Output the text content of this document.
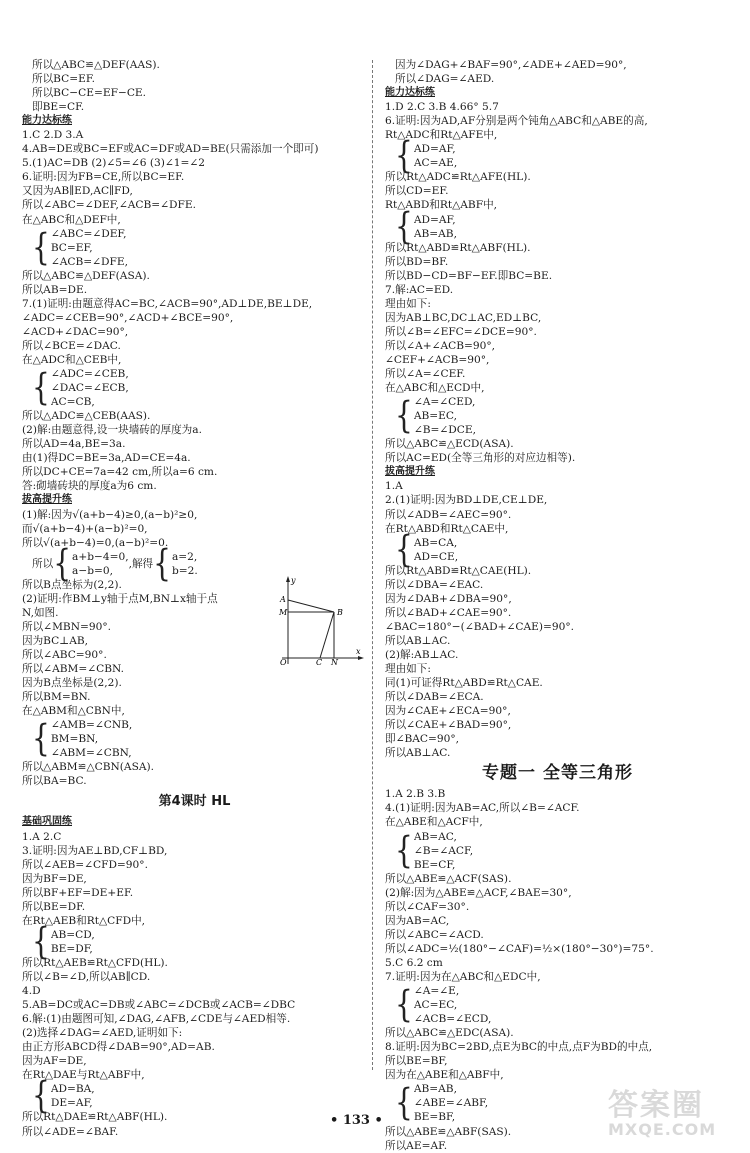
所以△ABC≌△DEF(AAS).
所以BC=EF.
所以BC−CE=EF−CE.
即BE=CF.
能力达标练
1.C 2.D 3.A
4.AB=DE或BC=EF或AC=DF或AD=BE(只需添加一个即可)
5.(1)AC=DB (2)∠5=∠6 (3)∠1=∠2
6.证明:因为FB=CE,所以BC=EF.
又因为AB∥ED,AC∥FD,
所以∠ABC=∠DEF,∠ACB=∠DFE.
在△ABC和△DEF中,
{ ∠ABC=∠DEF,
BC=EF,
∠ACB=∠DFE,
所以△ABC≌△DEF(ASA).
所以AB=DE.
7.(1)证明:由题意得AC=BC,∠ACB=90°,AD⊥DE,BE⊥DE,
∠ADC=∠CEB=90°,∠ACD+∠BCE=90°,
∠ACD+∠DAC=90°,
所以∠BCE=∠DAC.
在△ADC和△CEB中,
{ ∠ADC=∠CEB,
∠DAC=∠ECB,
AC=CB,
所以△ADC≌△CEB(AAS).
(2)解:由题意得,设一块墙砖的厚度为a.
所以AD=4a,BE=3a.
由(1)得DC=BE=3a,AD=CE=4a.
所以DC+CE=7a=42 cm,所以a=6 cm.
答:砌墙砖块的厚度a为6 cm.
拔高提升练
(1)解:因为√(a+b−4)≥0,(a−b)²≥0,
而√(a+b−4)+(a−b)²=0,
所以√(a+b−4)=0,(a−b)²=0.
所以 { a+b−4=0,
a−b=0,
,解得 { a=2,
b=2.
所以B点坐标为(2,2).
(2)证明:作BM⊥y轴于点M,BN⊥x轴于点
N,如图.
所以∠MBN=90°.
因为BC⊥AB,
所以∠ABC=90°.
所以∠ABM=∠CBN.
因为B点坐标是(2,2).
所以BM=BN.
在△ABM和△CBN中,
{ ∠AMB=∠CNB,
BM=BN,
∠ABM=∠CBN,
所以△ABM≌△CBN(ASA).
所以BA=BC.
第4课时 HL
基础巩固练
1.A 2.C
3.证明:因为AE⊥BD,CF⊥BD,
所以∠AEB=∠CFD=90°.
因为BF=DE,
所以BF+EF=DE+EF.
所以BE=DF.
在Rt△AEB和Rt△CFD中,
{ AB=CD,
BE=DF,
所以Rt△AEB≌Rt△CFD(HL).
所以∠B=∠D,所以AB∥CD.
4.D
5.AB=DC或AC=DB或∠ABC=∠DCB或∠ACB=∠DBC
6.解:(1)由题图可知,∠DAG,∠AFB,∠CDE与∠AED相等.
(2)选择∠DAG=∠AED,证明如下:
由正方形ABCD得∠DAB=90°,AD=AB.
因为AF=DE,
在Rt△DAE与Rt△ABF中,
{ AD=BA,
DE=AF,
所以Rt△DAE≌Rt△ABF(HL).
所以∠ADE=∠BAF.
y
x
A
M	B
O	C N
因为∠DAG+∠BAF=90°,∠ADE+∠AED=90°,
所以∠DAG=∠AED.
能力达标练
1.D 2.C 3.B 4.66° 5.7
6.证明:因为AD,AF分别是两个钝角△ABC和△ABE的高,
Rt△ADC和Rt△AFE中,
{ AD=AF,
AC=AE,
所以Rt△ADC≌Rt△AFE(HL).
所以CD=EF.
Rt△ABD和Rt△ABF中,
{ AD=AF,
AB=AB,
所以Rt△ABD≌Rt△ABF(HL).
所以BD=BF.
所以BD−CD=BF−EF.即BC=BE.
7.解:AC=ED.
理由如下:
因为AB⊥BC,DC⊥AC,ED⊥BC,
所以∠B=∠EFC=∠DCE=90°.
所以∠A+∠ACB=90°,
∠CEF+∠ACB=90°,
所以∠A=∠CEF.
在△ABC和△ECD中,
{ ∠A=∠CED,
AB=EC,
∠B=∠DCE,
所以△ABC≌△ECD(ASA).
所以AC=ED(全等三角形的对应边相等).
拔高提升练
1.A
2.(1)证明:因为BD⊥DE,CE⊥DE,
所以∠ADB=∠AEC=90°.
在Rt△ABD和Rt△CAE中,
{ AB=CA,
AD=CE,
所以Rt△ABD≌Rt△CAE(HL).
所以∠DBA=∠EAC.
因为∠DAB+∠DBA=90°,
所以∠BAD+∠CAE=90°.
∠BAC=180°−(∠BAD+∠CAE)=90°.
所以AB⊥AC.
(2)解:AB⊥AC.
理由如下:
同(1)可证得Rt△ABD≌Rt△CAE.
所以∠DAB=∠ECA.
因为∠CAE+∠ECA=90°,
所以∠CAE+∠BAD=90°,
即∠BAC=90°,
所以AB⊥AC.
专题一 全等三角形
1.A 2.B 3.B
4.(1)证明:因为AB=AC,所以∠B=∠ACF.
在△ABE和△ACF中,
{ AB=AC,
∠B=∠ACF,
BE=CF,
所以△ABE≌△ACF(SAS).
(2)解:因为△ABE≌△ACF,∠BAE=30°,
所以∠CAF=30°.
因为AB=AC,
所以∠ABC=∠ACD.
所以∠ADC=½(180°−∠CAF)=½×(180°−30°)=75°.
5.C 6.2 cm
7.证明:因为在△ABC和△EDC中,
{ ∠A=∠E,
AC=EC,
∠ACB=∠ECD,
所以△ABC≌△EDC(ASA).
8.证明:因为BC=2BD,点E为BC的中点,点F为BD的中点,
所以BE=BF,
因为在△ABE和△ABF中,
{ AB=AB,
∠ABE=∠ABF,
BE=BF,
所以△ABE≌△ABF(SAS).
所以AE=AF.
• 133 •	答案圈
MXQE.COM
